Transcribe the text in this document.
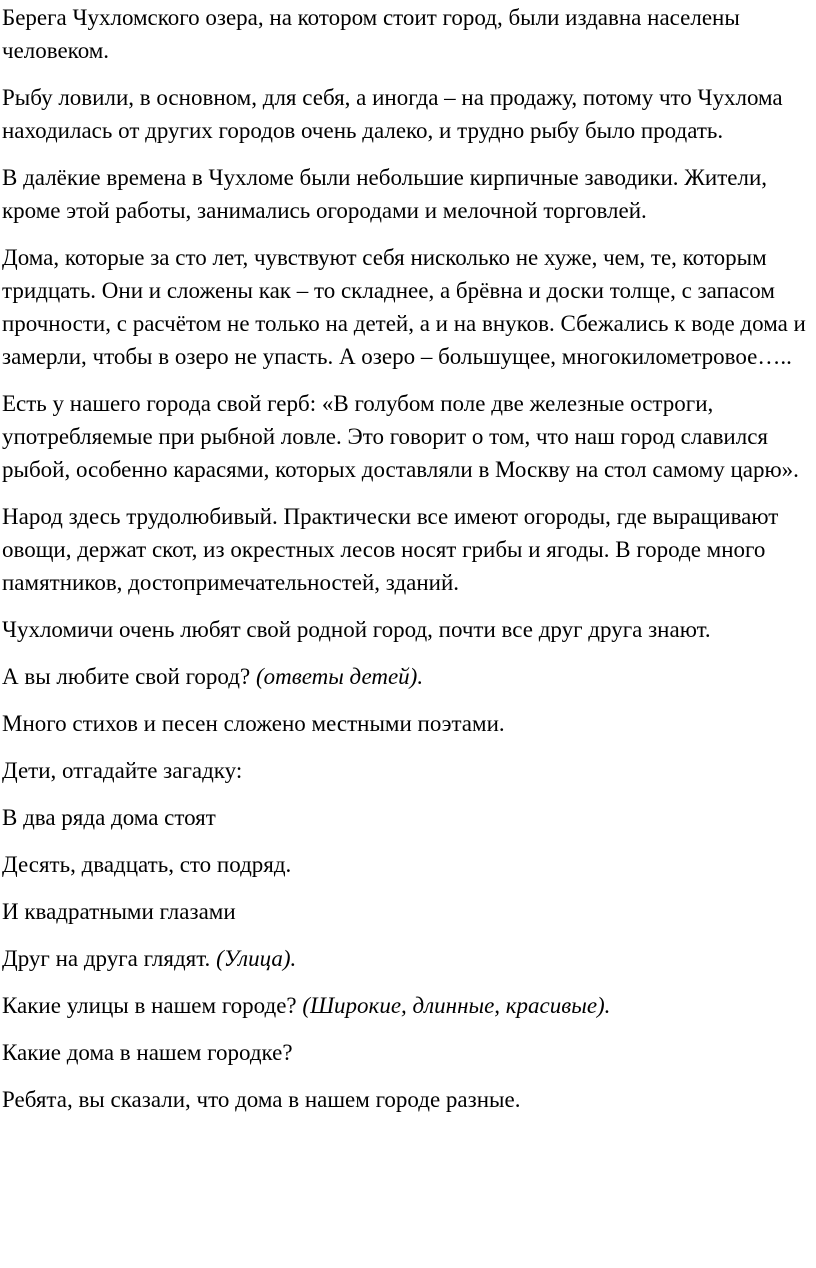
Берега Чухломского озера, на котором стоит город, были издавна населены человеком.

Рыбу ловили, в основном, для себя, а иногда – на продажу, потому что Чухлома находилась от других городов очень далеко, и трудно рыбу было продать.

В далёкие времена в Чухломе были небольшие кирпичные заводики. Жители, кроме этой работы, занимались огородами и мелочной торговлей.

Дома, которые за сто лет, чувствуют себя нисколько не хуже, чем, те, которым тридцать. Они и сложены как – то складнее, а брёвна и доски толще, с запасом прочности, с расчётом не только на детей, а и на внуков. Сбежались к воде дома и замерли, чтобы в озеро не упасть. А озеро – большущее, многокилометровое…..

Есть у нашего города свой герб: «В голубом поле две железные остроги, употребляемые при рыбной ловле. Это говорит о том, что наш город славился рыбой, особенно карасями, которых доставляли в Москву на стол самому царю».

Народ здесь трудолюбивый. Практически все имеют огороды, где выращивают овощи, держат скот, из окрестных лесов носят грибы и ягоды. В городе много памятников, достопримечательностей, зданий.

Чухломичи очень любят свой родной город, почти все друг друга знают.

А вы любите свой город? (ответы детей).

Много стихов и песен сложено местными поэтами.

Дети, отгадайте загадку:

В два ряда дома стоят

Десять, двадцать, сто подряд.

И квадратными глазами

Друг на друга глядят. (Улица).

Какие улицы в нашем городе? (Широкие, длинные, красивые).

Какие дома в нашем городке?

Ребята, вы сказали, что дома в нашем городе разные.
